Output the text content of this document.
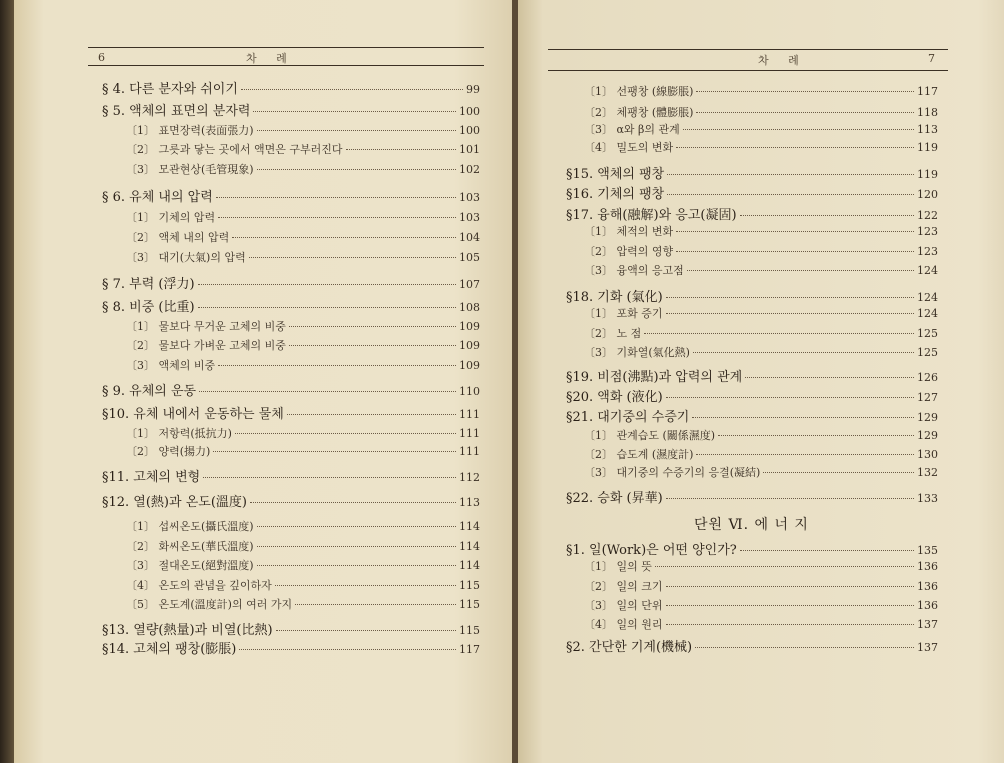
6	차 례
§ 4. 다른 분자와 쉬이기	99
§ 5. 액체의 표면의 분자력	100
〔1〕 표면장력(表面張力)	100
〔2〕 그릇과 닿는 곳에서 액면은 구부러진다	101
〔3〕 모관현상(毛管現象)	102
§ 6. 유체 내의 압력	103
〔1〕 기체의 압력	103
〔2〕 액체 내의 압력	104
〔3〕 대기(大氣)의 압력	105
§ 7. 부력 (浮力)	107
§ 8. 비중 (比重)	108
〔1〕 물보다 무거운 고체의 비중	109
〔2〕 물보다 가벼운 고체의 비중	109
〔3〕 액체의 비중	109
§ 9. 유체의 운동	110
§10. 유체 내에서 운동하는 물체	111
〔1〕 저항력(抵抗力)	111
〔2〕 양력(揚力)	111
§11. 고체의 변형	112
§12. 열(熱)과 온도(溫度)	113
〔1〕 섭씨온도(攝氏溫度)	114
〔2〕 화씨온도(華氏溫度)	114
〔3〕 절대온도(絕對溫度)	114
〔4〕 온도의 관념을 깊이하자	115
〔5〕 온도계(溫度計)의 여러 가지	115
§13. 열량(熱量)과 비열(比熱)	115
§14. 고체의 팽창(膨脹)	117
차 례	7
〔1〕 선팽창 (線膨脹)	117
〔2〕 체팽창 (體膨脹)	118
〔3〕 α와 β의 관계	113
〔4〕 밀도의 변화	119
§15. 액체의 팽창	119
§16. 기체의 팽창	120
§17. 융해(融解)와 응고(凝固)	122
〔1〕 체적의 변화	123
〔2〕 압력의 영향	123
〔3〕 융액의 응고점	124
§18. 기화 (氣化)	124
〔1〕 포화 증기	124
〔2〕 노 점	125
〔3〕 기화열(氣化熱)	125
§19. 비점(沸點)과 압력의 관계	126
§20. 액화 (液化)	127
§21. 대기중의 수증기	129
〔1〕 관계습도 (關係濕度)	129
〔2〕 습도계 (濕度計)	130
〔3〕 대기중의 수증기의 응결(凝結)	132
§22. 승화 (昇華)	133
§1. 일(Work)은 어떤 양인가?	135
〔1〕 일의 뜻	136
〔2〕 일의 크기	136
〔3〕 일의 단위	136
〔4〕 일의 원리	137
§2. 간단한 기계(機械)	137
단원 Ⅵ. 에 너 지
